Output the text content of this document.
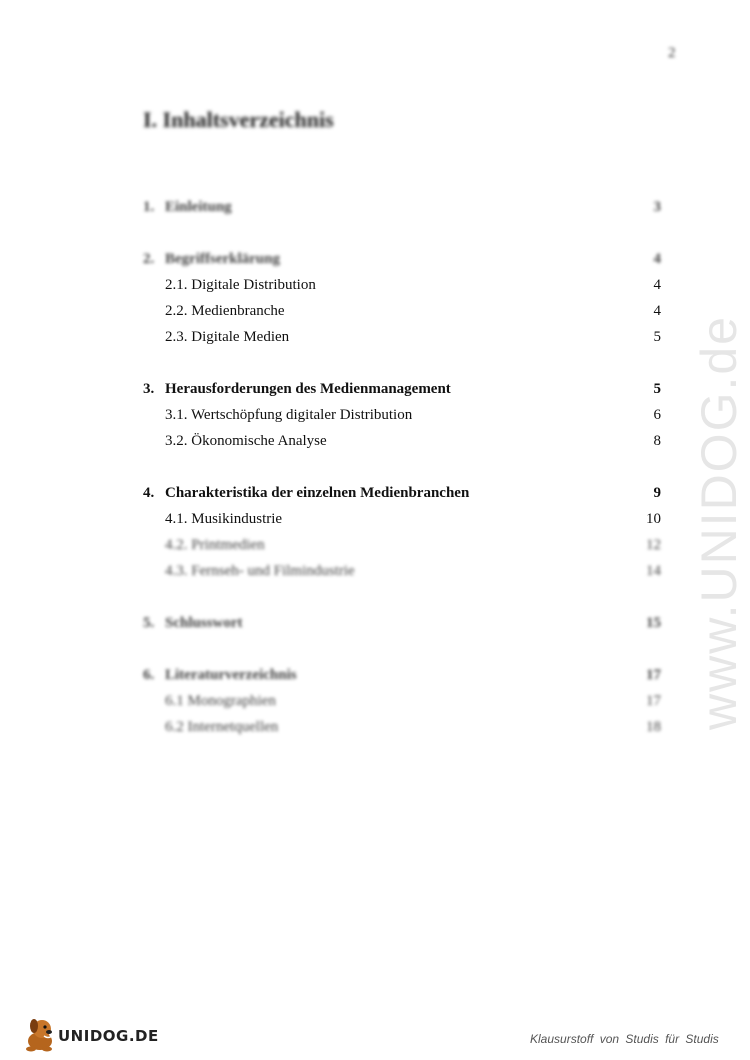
2
I. Inhaltsverzeichnis
1. Einleitung	3
2. Begriffserklärung	4
2.1. Digitale Distribution	4
2.2. Medienbranche	4
2.3. Digitale Medien	5
3. Herausforderungen des Medienmanagement	5
3.1. Wertschöpfung digitaler Distribution	6
3.2. Ökonomische Analyse	8
4. Charakteristika der einzelnen Medienbranchen	9
4.1. Musikindustrie	10
4.2. Printmedien	12
4.3. Fernseh- und Filmindustrie	14
5. Schlusswort	15
6. Literaturverzeichnis	17
6.1 Monographien	17
6.2 Internetquellen	18 www.UNIDOG.de
UNIDOG.DE	Klausurstoff von Studis für Studis
